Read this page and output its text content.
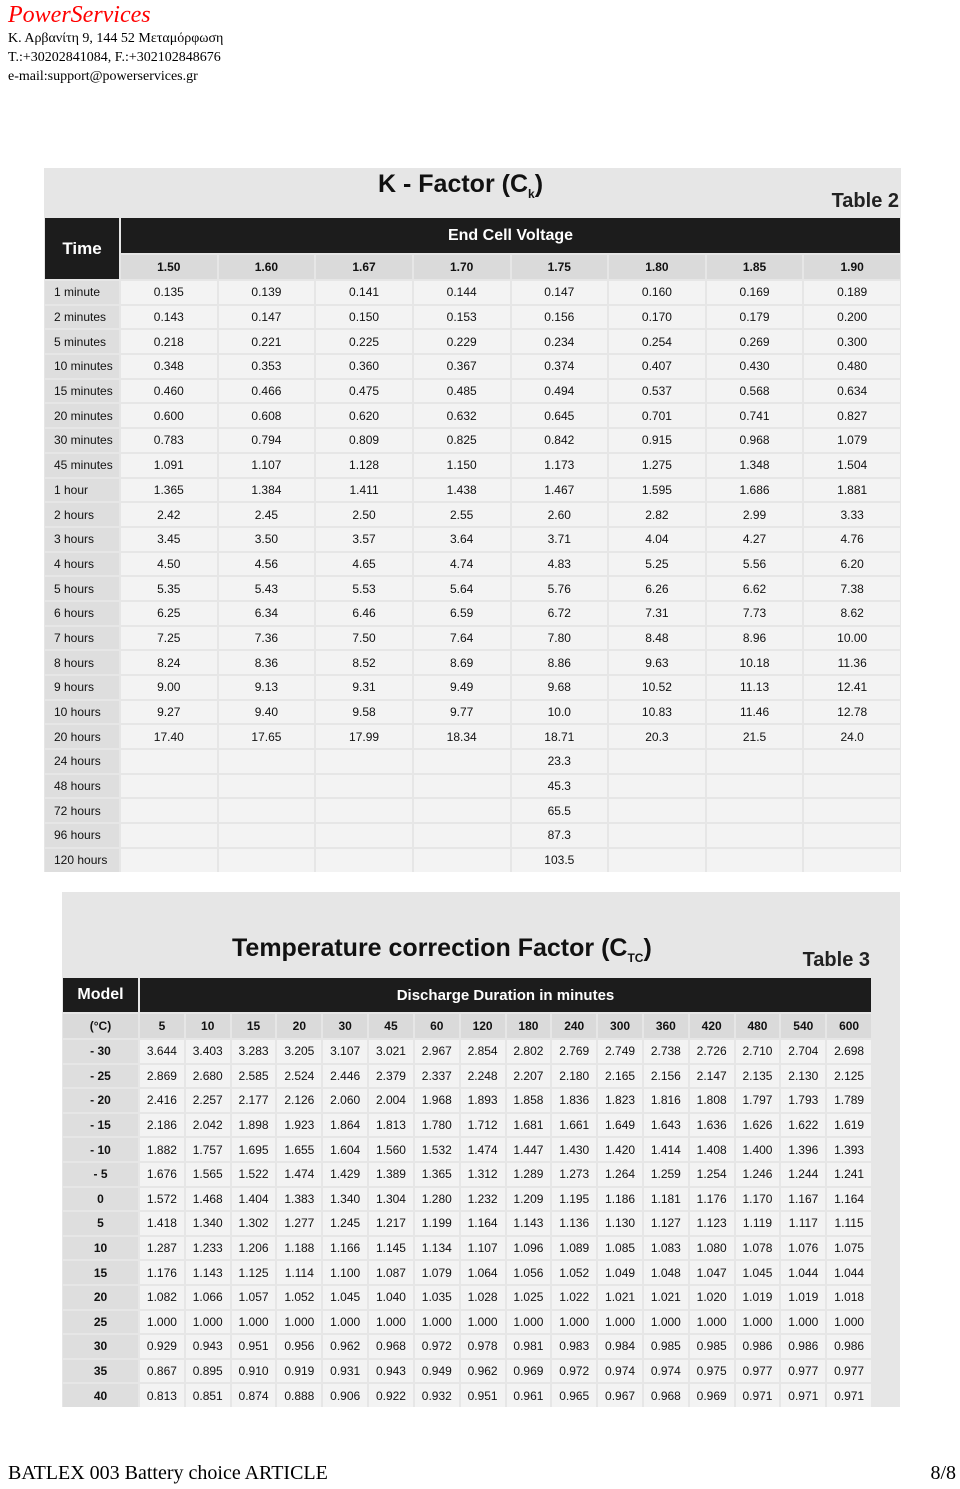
PowerServices
Κ. Αρβανίτη 9, 144 52 Μεταμόρφωση
T.:+30202841084, F.:+302102848676
e-mail:support@powerservices.gr
K - Factor $(C_k)$
Table 2
Time	End Cell Voltage							
	1.50	1.60	1.67	1.70	1.75	1.80	1.85	1.90
1 minute	0.135	0.139	0.141	0.144	0.147	0.160	0.169	0.189
2 minutes	0.143	0.147	0.150	0.153	0.156	0.170	0.179	0.200
5 minutes	0.218	0.221	0.225	0.229	0.234	0.254	0.269	0.300
10 minutes	0.348	0.353	0.360	0.367	0.374	0.407	0.430	0.480
15 minutes	0.460	0.466	0.475	0.485	0.494	0.537	0.568	0.634
20 minutes	0.600	0.608	0.620	0.632	0.645	0.701	0.741	0.827
30 minutes	0.783	0.794	0.809	0.825	0.842	0.915	0.968	1.079
45 minutes	1.091	1.107	1.128	1.150	1.173	1.275	1.348	1.504
1 hour	1.365	1.384	1.411	1.438	1.467	1.595	1.686	1.881
2 hours	2.42	2.45	2.50	2.55	2.60	2.82	2.99	3.33
3 hours	3.45	3.50	3.57	3.64	3.71	4.04	4.27	4.76
4 hours	4.50	4.56	4.65	4.74	4.83	5.25	5.56	6.20
5 hours	5.35	5.43	5.53	5.64	5.76	6.26	6.62	7.38
6 hours	6.25	6.34	6.46	6.59	6.72	7.31	7.73	8.62
7 hours	7.25	7.36	7.50	7.64	7.80	8.48	8.96	10.00
8 hours	8.24	8.36	8.52	8.69	8.86	9.63	10.18	11.36
9 hours	9.00	9.13	9.31	9.49	9.68	10.52	11.13	12.41
10 hours	9.27	9.40	9.58	9.77	10.0	10.83	11.46	12.78
20 hours	17.40	17.65	17.99	18.34	18.71	20.3	21.5	24.0
24 hours					23.3			
48 hours					45.3			
72 hours					65.5			
96 hours					87.3			
120 hours					103.5			
Temperature correction Factor $(C_{TC})$	Table 3
Model	Discharge Duration in minutes															
(°C)	5	10	15	20	30	45	60	120	180	240	300	360	420	480	540	600
- 30	3.644	3.403	3.283	3.205	3.107	3.021	2.967	2.854	2.802	2.769	2.749	2.738	2.726	2.710	2.704	2.698
- 25	2.869	2.680	2.585	2.524	2.446	2.379	2.337	2.248	2.207	2.180	2.165	2.156	2.147	2.135	2.130	2.125
- 20	2.416	2.257	2.177	2.126	2.060	2.004	1.968	1.893	1.858	1.836	1.823	1.816	1.808	1.797	1.793	1.789
- 15	2.186	2.042	1.898	1.923	1.864	1.813	1.780	1.712	1.681	1.661	1.649	1.643	1.636	1.626	1.622	1.619
- 10	1.882	1.757	1.695	1.655	1.604	1.560	1.532	1.474	1.447	1.430	1.420	1.414	1.408	1.400	1.396	1.393
- 5	1.676	1.565	1.522	1.474	1.429	1.389	1.365	1.312	1.289	1.273	1.264	1.259	1.254	1.246	1.244	1.241
0	1.572	1.468	1.404	1.383	1.340	1.304	1.280	1.232	1.209	1.195	1.186	1.181	1.176	1.170	1.167	1.164
5	1.418	1.340	1.302	1.277	1.245	1.217	1.199	1.164	1.143	1.136	1.130	1.127	1.123	1.119	1.117	1.115
10	1.287	1.233	1.206	1.188	1.166	1.145	1.134	1.107	1.096	1.089	1.085	1.083	1.080	1.078	1.076	1.075
15	1.176	1.143	1.125	1.114	1.100	1.087	1.079	1.064	1.056	1.052	1.049	1.048	1.047	1.045	1.044	1.044
20	1.082	1.066	1.057	1.052	1.045	1.040	1.035	1.028	1.025	1.022	1.021	1.021	1.020	1.019	1.019	1.018
25	1.000	1.000	1.000	1.000	1.000	1.000	1.000	1.000	1.000	1.000	1.000	1.000	1.000	1.000	1.000	1.000
30	0.929	0.943	0.951	0.956	0.962	0.968	0.972	0.978	0.981	0.983	0.984	0.985	0.985	0.986	0.986	0.986
35	0.867	0.895	0.910	0.919	0.931	0.943	0.949	0.962	0.969	0.972	0.974	0.974	0.975	0.977	0.977	0.977
40	0.813	0.851	0.874	0.888	0.906	0.922	0.932	0.951	0.961	0.965	0.967	0.968	0.969	0.971	0.971	0.971
BATLEX 003 Battery choice ARTICLE	8/8
